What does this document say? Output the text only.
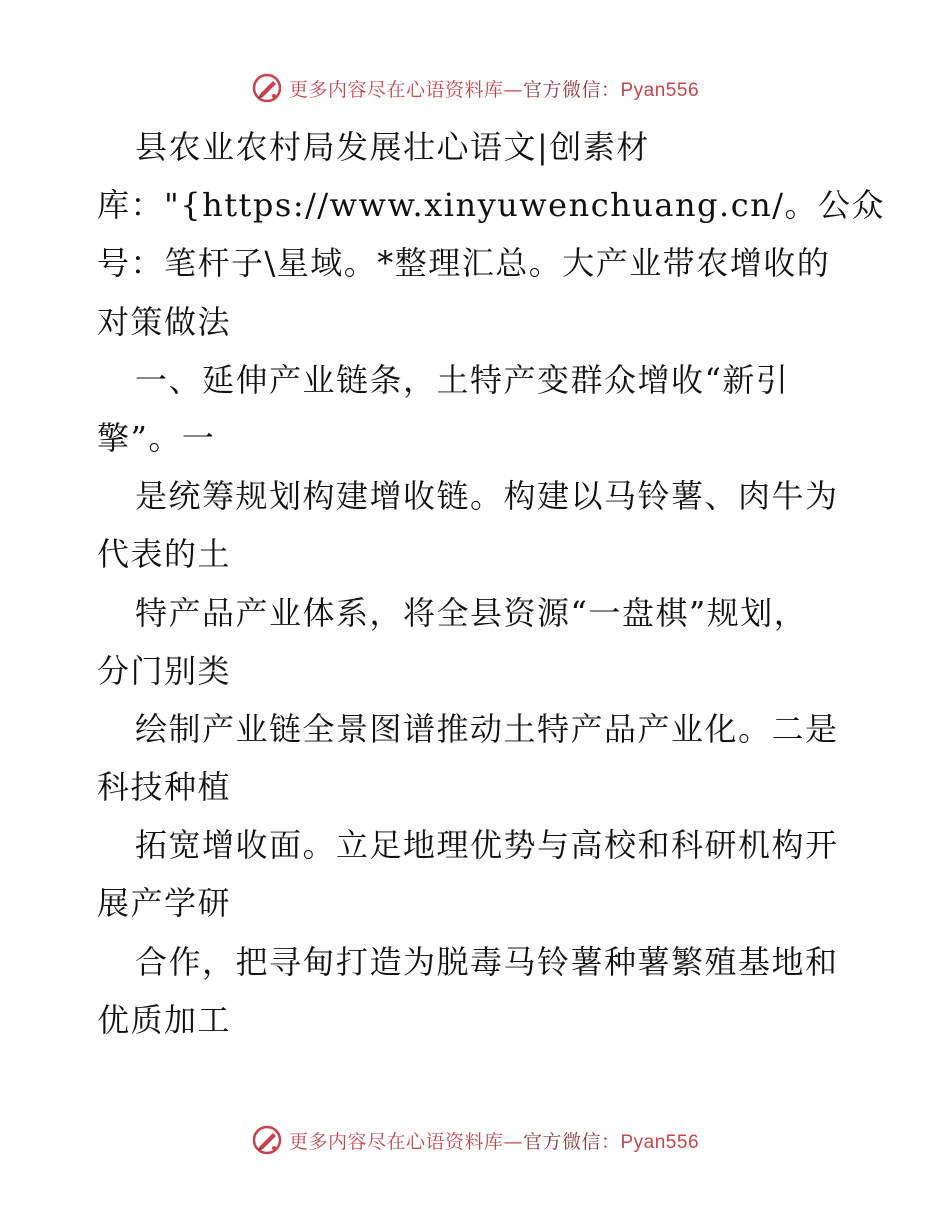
更多内容尽在心语资料库—官方微信：Pyan556
县农业农村局发展壮心语文|创素材
库："{https://www.xinyuwenchuang.cn/。公众
号：笔杆子\星域。*整理汇总。大产业带农增收的
对策做法
一、延伸产业链条，土特产变群众增收“新引
擎”。一
是统筹规划构建增收链。构建以马铃薯、肉牛为
代表的土
特产品产业体系，将全县资源“一盘棋”规划，
分门别类
绘制产业链全景图谱推动土特产品产业化。二是
科技种植
拓宽增收面。立足地理优势与高校和科研机构开
展产学研
合作，把寻甸打造为脱毒马铃薯种薯繁殖基地和
优质加工
更多内容尽在心语资料库—官方微信：Pyan556
